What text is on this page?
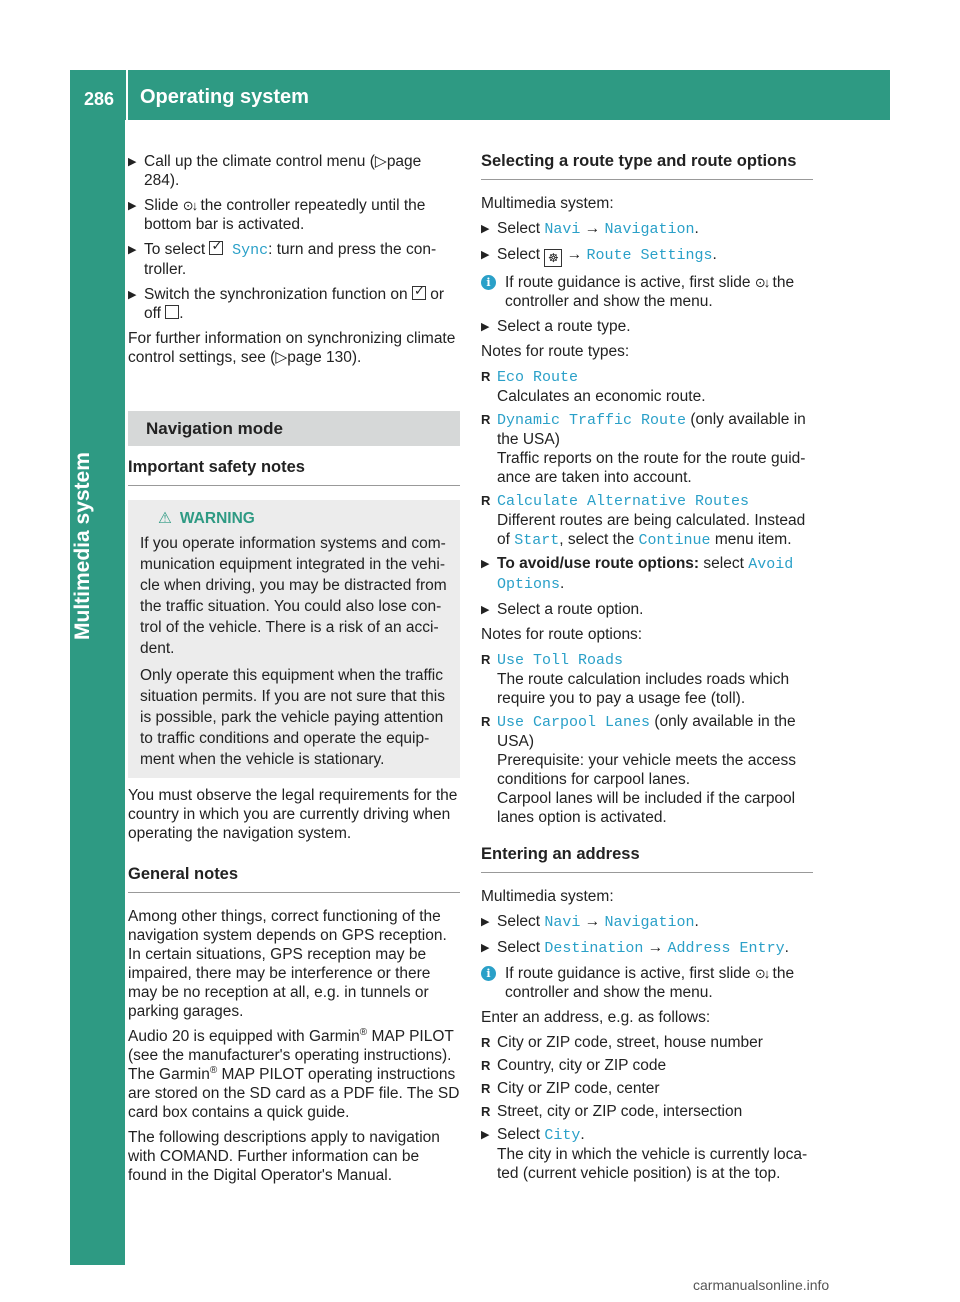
286 Operating system
▶ Call up the climate control menu (▷page 284).
▶ Slide ⊙↓ the controller repeatedly until the bottom bar is activated.
▶ To select ✓ Sync: turn and press the con-troller.
▶ Switch the synchronization function on ✓ or off .

For further information on synchronizing climate control settings, see (▷page 130).

Navigation mode
Important safety notes
⚠ WARNING

If you operate information systems and com-munication equipment integrated in the vehi-cle when driving, you may be distracted from the traffic situation. You could also lose con-trol of the vehicle. There is a risk of an acci-dent.

Only operate this equipment when the traffic situation permits. If you are not sure that this is possible, park the vehicle paying attention to traffic conditions and operate the equip-ment when the vehicle is stationary.

You must observe the legal requirements for the country in which you are currently driving when operating the navigation system.

General notes

Among other things, correct functioning of the navigation system depends on GPS reception. In certain situations, GPS reception may be impaired, there may be interference or there may be no reception at all, e.g. in tunnels or parking garages.

Audio 20 is equipped with Garmin® MAP PILOT (see the manufacturer's operating instructions). The Garmin® MAP PILOT operating instructions are stored on the SD card as a PDF file. The SD card box contains a quick guide.

The following descriptions apply to navigation with COMAND. Further information can be found in the Digital Operator's Manual.

Selecting a route type and route options

Multimedia system:

▶ Select Navi → Navigation.
▶ Select ☸ → Route Settings.
i If route guidance is active, first slide ⊙↓ the controller and show the menu.
▶ Select a route type.

Notes for route types:

R Eco Route
Calculates an economic route.
R Dynamic Traffic Route (only available in the USA)
Traffic reports on the route for the route guid-ance are taken into account.
R Calculate Alternative Routes
Different routes are being calculated. Instead of Start, select the Continue menu item.
▶ To avoid/use route options: select Avoid Options.
▶ Select a route option.

Notes for route options:

R Use Toll Roads
The route calculation includes roads which require you to pay a usage fee (toll).
R Use Carpool Lanes (only available in the USA)
Prerequisite: your vehicle meets the access conditions for carpool lanes.
Carpool lanes will be included if the carpool lanes option is activated.
Entering an address

Multimedia system:

▶ Select Navi → Navigation.
▶ Select Destination → Address Entry.
i If route guidance is active, first slide ⊙↓ the controller and show the menu.

Enter an address, e.g. as follows:

R City or ZIP code, street, house number
R Country, city or ZIP code
R City or ZIP code, center
R Street, city or ZIP code, intersection
▶ Select City.
The city in which the vehicle is currently loca-ted (current vehicle position) is at the top.
carmanualsonline.info
